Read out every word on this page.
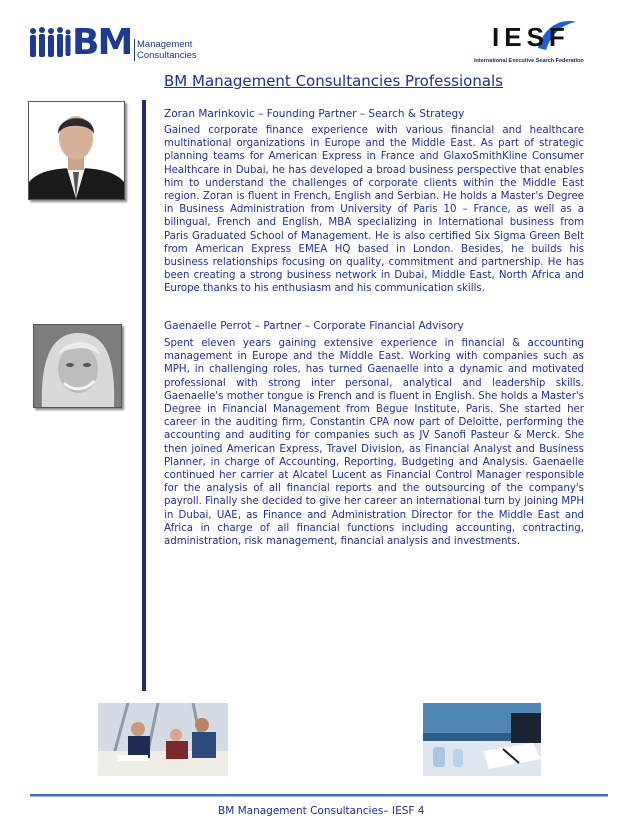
BM Management
Consultancies
IESF
International Executive Search Federation
BM Management Consultancies Professionals
Zoran Marinkovic – Founding Partner – Search & Strategy
Gained corporate finance experience with various financial and healthcare multinational organizations in Europe and the Middle East. As part of strategic planning teams for American Express in France and GlaxoSmithKline Consumer Healthcare in Dubai, he has developed a broad business perspective that enables him to understand the challenges of corporate clients within the Middle East region. Zoran is fluent in French, English and Serbian. He holds a Master's Degree in Business Administration from University of Paris 10 – France, as well as a bilingual, French and English, MBA specializing in International business from Paris Graduated School of Management. He is also certified Six Sigma Green Belt from American Express EMEA HQ based in London. Besides, he builds his business relationships focusing on quality, commitment and partnership. He has been creating a strong business network in Dubai, Middle East, North Africa and Europe thanks to his enthusiasm and his communication skills.
Gaenaelle Perrot – Partner – Corporate Financial Advisory
Spent eleven years gaining extensive experience in financial & accounting management in Europe and the Middle East. Working with companies such as MPH, in challenging roles, has turned Gaenaelle into a dynamic and motivated professional with strong inter personal, analytical and leadership skills. Gaenaelle's mother tongue is French and is fluent in English. She holds a Master's Degree in Financial Management from Begue Institute, Paris. She started her career in the auditing firm, Constantin CPA now part of Deloitte, performing the accounting and auditing for companies such as JV Sanofi Pasteur & Merck. She then joined American Express, Travel Division, as Financial Analyst and Business Planner, in charge of Accounting, Reporting, Budgeting and Analysis. Gaenaelle continued her carrier at Alcatel Lucent as Financial Control Manager responsible for the analysis of all financial reports and the outsourcing of the company's payroll. Finally she decided to give her career an international turn by joining MPH in Dubai, UAE, as Finance and Administration Director for the Middle East and Africa in charge of all financial functions including accounting, contracting, administration, risk management, financial analysis and investments.
BM Management Consultancies– IESF 4
